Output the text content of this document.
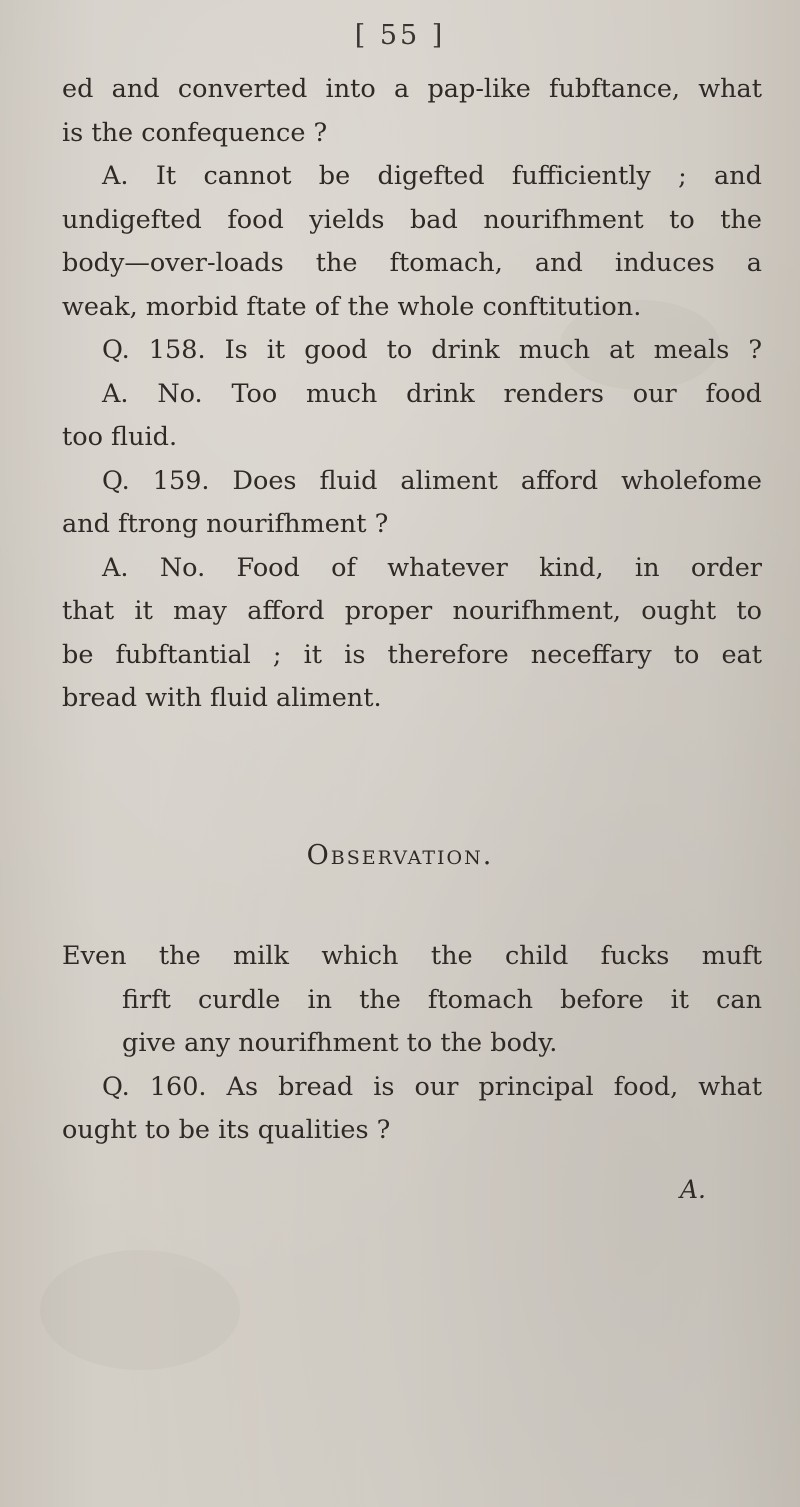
[ 55 ]

ed and converted into a pap-like fubftance, what

is the confequence ?

A. It cannot be digefted fufficiently ; and

undigefted food yields bad nourifhment to the

body—over-loads the ftomach, and induces a

weak, morbid ftate of the whole conftitution.

Q. 158. Is it good to drink much at meals ?

A. No. Too much drink renders our food

too fluid.

Q. 159. Does fluid aliment afford wholefome

and ftrong nourifhment ?

A. No. Food of whatever kind, in order

that it may afford proper nourifhment, ought to

be fubftantial ; it is therefore neceffary to eat

bread with fluid aliment.

Observation.

Even the milk which the child fucks muft

firft curdle in the ftomach before it can

give any nourifhment to the body.

Q. 160. As bread is our principal food, what

ought to be its qualities ?

A.
